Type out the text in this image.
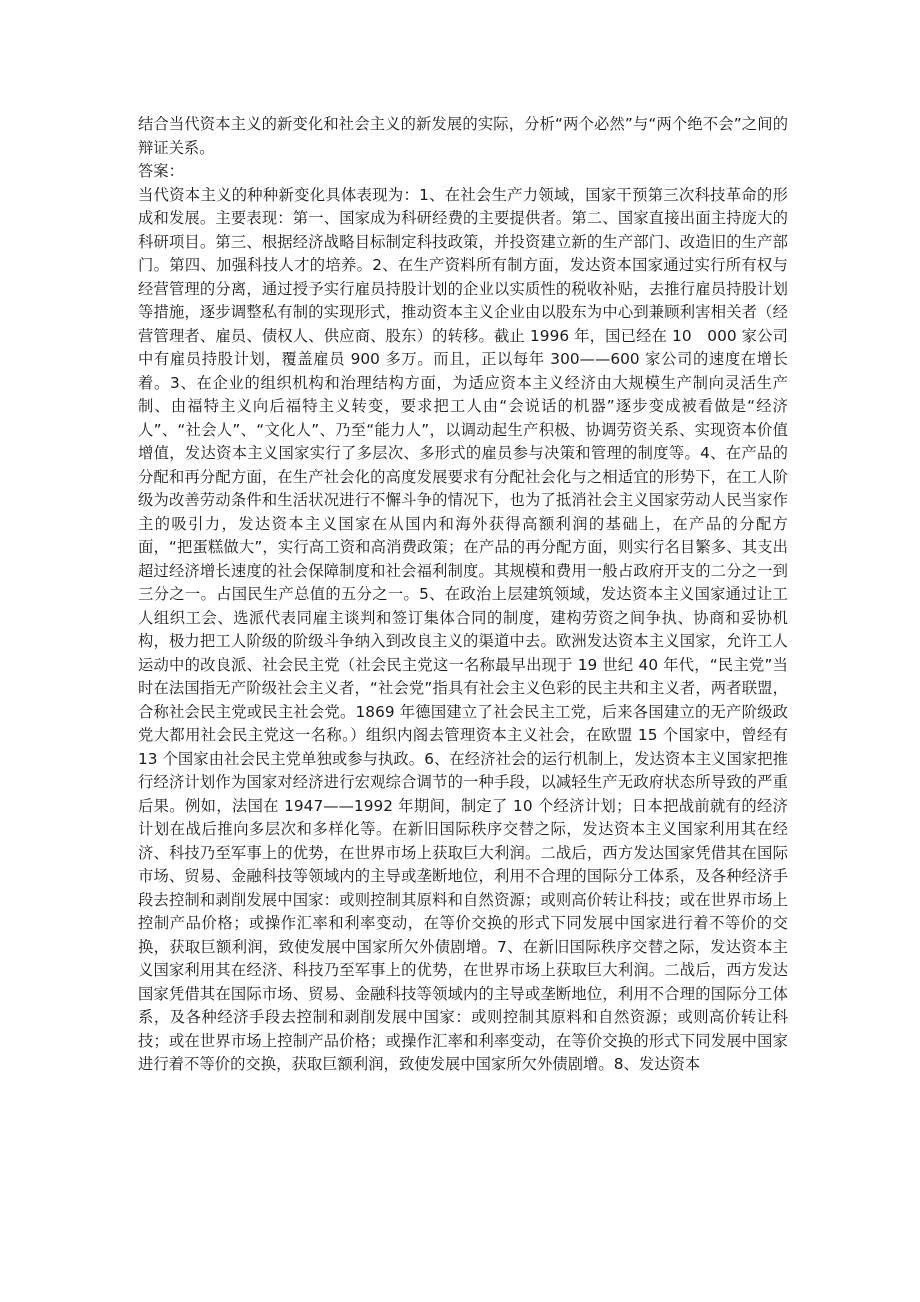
结合当代资本主义的新变化和社会主义的新发展的实际，分析“两个必然”与“两个绝不会”之间的辩证关系。

答案：

当代资本主义的种种新变化具体表现为：1、在社会生产力领域，国家干预第三次科技革命的形成和发展。主要表现：第一、国家成为科研经费的主要提供者。第二、国家直接出面主持庞大的科研项目。第三、根据经济战略目标制定科技政策，并投资建立新的生产部门、改造旧的生产部门。第四、加强科技人才的培养。2、在生产资料所有制方面，发达资本国家通过实行所有权与经营管理的分离，通过授予实行雇员持股计划的企业以实质性的税收补贴，去推行雇员持股计划等措施，逐步调整私有制的实现形式，推动资本主义企业由以股东为中心到兼顾利害相关者（经营管理者、雇员、债权人、供应商、股东）的转移。截止 1996 年，国已经在 10　000 家公司中有雇员持股计划，覆盖雇员 900 多万。而且，正以每年 300——600 家公司的速度在增长着。3、在企业的组织机构和治理结构方面，为适应资本主义经济由大规模生产制向灵活生产制、由福特主义向后福特主义转变，要求把工人由“会说话的机器”逐步变成被看做是“经济人”、“社会人”、“文化人”、乃至“能力人”，以调动起生产积极、协调劳资关系、实现资本价值增值，发达资本主义国家实行了多层次、多形式的雇员参与决策和管理的制度等。4、在产品的分配和再分配方面，在生产社会化的高度发展要求有分配社会化与之相适宜的形势下，在工人阶级为改善劳动条件和生活状况进行不懈斗争的情况下，也为了抵消社会主义国家劳动人民当家作主的吸引力，发达资本主义国家在从国内和海外获得高额利润的基础上，在产品的分配方面，“把蛋糕做大”，实行高工资和高消费政策；在产品的再分配方面，则实行名目繁多、其支出超过经济增长速度的社会保障制度和社会福利制度。其规模和费用一般占政府开支的二分之一到三分之一。占国民生产总值的五分之一。5、在政治上层建筑领域，发达资本主义国家通过让工人组织工会、选派代表同雇主谈判和签订集体合同的制度，建构劳资之间争执、协商和妥协机构，极力把工人阶级的阶级斗争纳入到改良主义的渠道中去。欧洲发达资本主义国家，允许工人运动中的改良派、社会民主党（社会民主党这一名称最早出现于 19 世纪 40 年代，“民主党”当时在法国指无产阶级社会主义者，“社会党”指具有社会主义色彩的民主共和主义者，两者联盟，合称社会民主党或民主社会党。1869 年德国建立了社会民主工党，后来各国建立的无产阶级政党大都用社会民主党这一名称。）组织内阁去管理资本主义社会，在欧盟 15 个国家中，曾经有 13 个国家由社会民主党单独或参与执政。6、在经济社会的运行机制上，发达资本主义国家把推行经济计划作为国家对经济进行宏观综合调节的一种手段，以减轻生产无政府状态所导致的严重后果。例如，法国在 1947——1992 年期间，制定了 10 个经济计划；日本把战前就有的经济计划在战后推向多层次和多样化等。在新旧国际秩序交替之际，发达资本主义国家利用其在经济、科技乃至军事上的优势，在世界市场上获取巨大利润。二战后，西方发达国家凭借其在国际市场、贸易、金融科技等领域内的主导或垄断地位，利用不合理的国际分工体系，及各种经济手段去控制和剥削发展中国家：或则控制其原料和自然资源；或则高价转让科技；或在世界市场上控制产品价格；或操作汇率和利率变动，在等价交换的形式下同发展中国家进行着不等价的交换，获取巨额利润，致使发展中国家所欠外债剧增。7、在新旧国际秩序交替之际，发达资本主义国家利用其在经济、科技乃至军事上的优势，在世界市场上获取巨大利润。二战后，西方发达国家凭借其在国际市场、贸易、金融科技等领域内的主导或垄断地位，利用不合理的国际分工体系，及各种经济手段去控制和剥削发展中国家：或则控制其原料和自然资源；或则高价转让科技；或在世界市场上控制产品价格；或操作汇率和利率变动，在等价交换的形式下同发展中国家进行着不等价的交换，获取巨额利润，致使发展中国家所欠外债剧增。8、发达资本
